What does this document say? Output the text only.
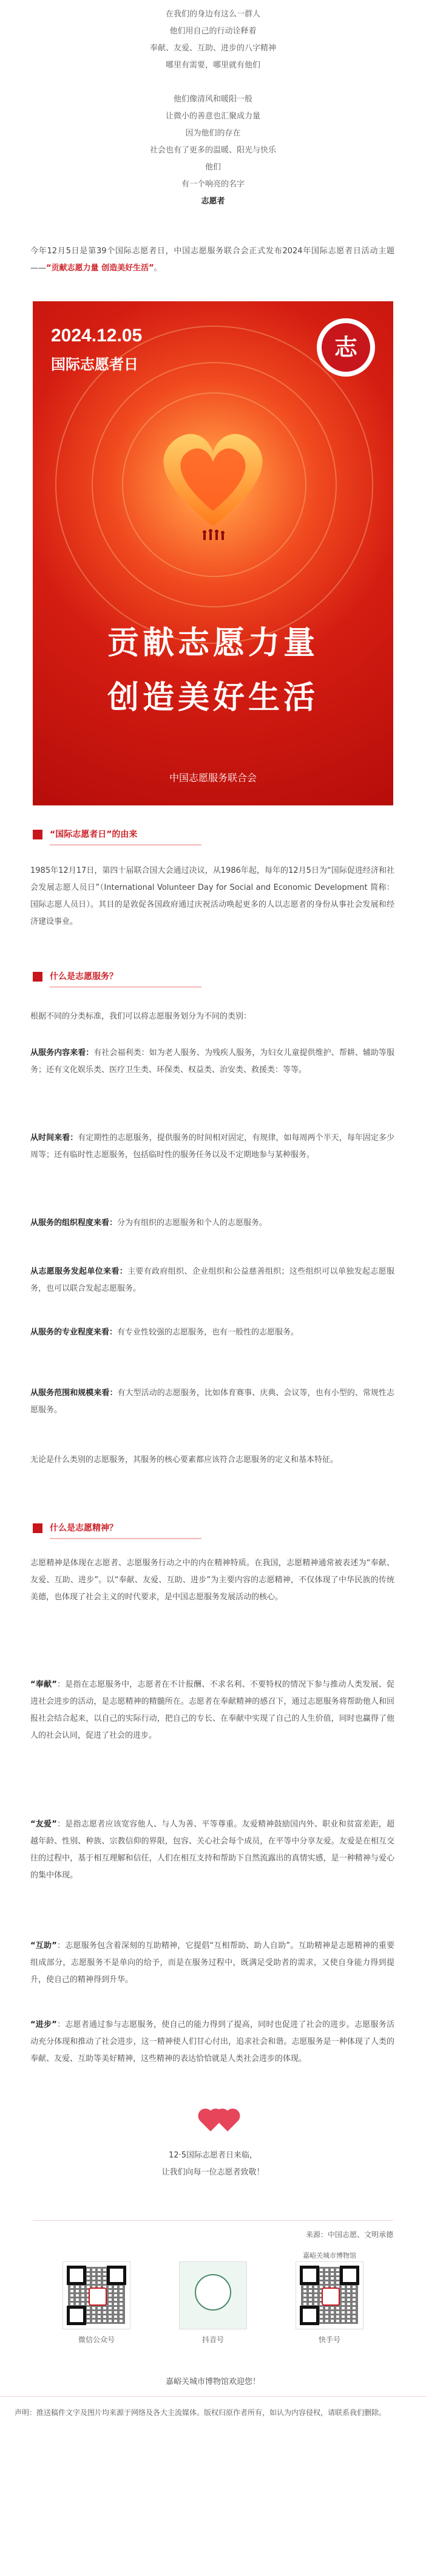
在我们的身边有这么一群人
他们用自己的行动诠释着
奉献、友爱、互助、进步的八字精神
哪里有需要，哪里就有他们
他们像清风和暖阳一般
让微小的善意也汇聚成力量
因为他们的存在
社会也有了更多的温暖、阳光与快乐
他们
有一个响亮的名字
志愿者
今年12月5日是第39个国际志愿者日，中国志愿服务联合会正式发布2024年国际志愿者日活动主题——“贡献志愿力量 创造美好生活”。
2024.12.05
国际志愿者日
志
贡献志愿力量
创造美好生活
中国志愿服务联合会
“国际志愿者日”的由来
1985年12月17日，第四十届联合国大会通过决议，从1986年起，每年的12月5日为“国际促进经济和社会发展志愿人员日”（International Volunteer Day for Social and Economic Development 简称：国际志愿人员日）。其目的是敦促各国政府通过庆祝活动唤起更多的人以志愿者的身份从事社会发展和经济建设事业。
什么是志愿服务？
根据不同的分类标准，我们可以将志愿服务划分为不同的类别：
从服务内容来看：有社会福利类：如为老人服务、为残疾人服务，为妇女儿童提供维护、帮耕、辅助等服务；还有文化娱乐类、医疗卫生类、环保类、权益类、治安类、救援类：等等。
从时间来看：有定期性的志愿服务，提供服务的时间相对固定，有规律，如每周两个半天，每年固定多少周等；还有临时性志愿服务，包括临时性的服务任务以及不定期地参与某种服务。
从服务的组织程度来看：分为有组织的志愿服务和个人的志愿服务。
从志愿服务发起单位来看：主要有政府组织、企业组织和公益慈善组织；这些组织可以单独发起志愿服务，也可以联合发起志愿服务。
从服务的专业程度来看：有专业性较强的志愿服务，也有一般性的志愿服务。
从服务范围和规模来看：有大型活动的志愿服务，比如体育赛事、庆典、会议等，也有小型的、常规性志愿服务。
无论是什么类别的志愿服务，其服务的核心要素都应该符合志愿服务的定义和基本特征。
什么是志愿精神？
志愿精神是体现在志愿者、志愿服务行动之中的内在精神特质。在我国，志愿精神通常被表述为“奉献、友爱、互助、进步”。以“奉献、友爱、互助、进步”为主要内容的志愿精神，不仅体现了中华民族的传统美德，也体现了社会主义的时代要求，是中国志愿服务发展活动的核心。
“奉献”：是指在志愿服务中，志愿者在不计报酬、不求名利、不要特权的情况下参与推动人类发展、促进社会进步的活动，是志愿精神的精髓所在。志愿者在奉献精神的感召下，通过志愿服务将帮助他人和回报社会结合起来，以自己的实际行动，把自己的专长、在奉献中实现了自己的人生价值，同时也赢得了他人的社会认同，促进了社会的进步。
“友爱”：是指志愿者应该宽容他人、与人为善、平等尊重。友爱精神鼓励国内外、职业和贫富差距，超越年龄、性别、种族、宗教信仰的界限，包容、关心社会每个成员，在平等中分享友爱。友爱是在相互交往的过程中，基于相互理解和信任，人们在相互支持和帮助下自然流露出的真情实感，是一种精神与爱心的集中体现。
“互助”：志愿服务包含着深刻的互助精神，它提倡“互相帮助、助人自助”。互助精神是志愿精神的重要组成部分，志愿服务不是单向的给予，而是在服务过程中，既满足受助者的需求，又使自身能力得到提升，使自己的精神得到升华。
“进步”：志愿者通过参与志愿服务，使自己的能力得到了提高，同时也促进了社会的进步。志愿服务活动充分体现和推动了社会进步，这一精神使人们甘心付出，追求社会和谐。志愿服务是一种体现了人类的奉献、友爱、互助等美好精神，这些精神的表达恰恰就是人类社会进步的体现。
12·5国际志愿者日来临，
让我们向每一位志愿者致敬！
来源：中国志愿、文明承德
微信公众号	抖音号
嘉峪关城市博物馆
快手号
嘉峪关城市博物馆欢迎您！
声明：推送稿件文字及图片均来源于网络及各大主流媒体。版权归原作者所有，如认为内容侵权，请联系我们删除。
